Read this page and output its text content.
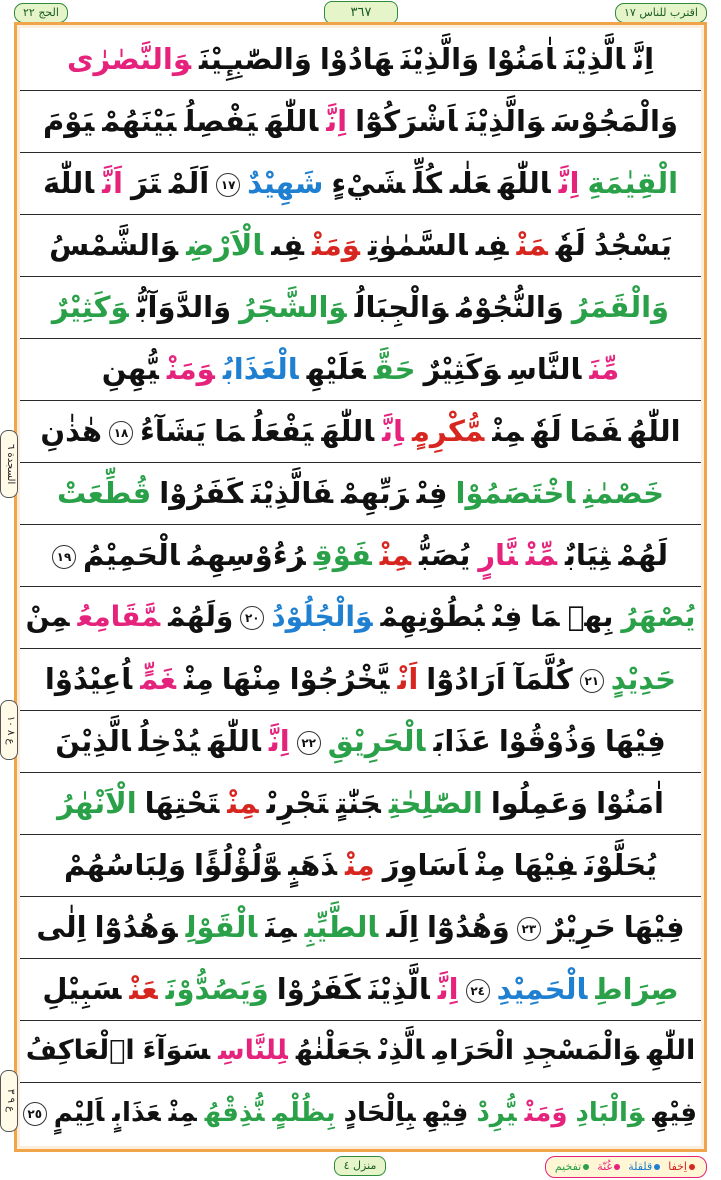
الحج ٢٢	٣٦٧	اقترب للناس ١٧
اِنَّالَّذِيْنَاٰمَنُوْاوَالَّذِيْنَهَادُوْاوَالصّٰبِـِٕيْنَوَالنَّصٰرٰى
وَالْمَجُوْسَوَالَّذِيْنَاَشْرَكُوْٓااِنَّاللّٰهَيَفْصِلُبَيْنَهُمْيَوْمَ
الْقِيٰمَةِاِنَّاللّٰهَعَلٰىكُلِّشَيْءٍشَهِيْدٌ١٧اَلَمْتَرَاَنَّاللّٰهَ
يَسْجُدُلَهٗمَنْفِىالسَّمٰوٰتِوَمَنْفِىالْاَرْضِوَالشَّمْسُ
وَالْقَمَرُوَالنُّجُوْمُوَالْجِبَالُوَالشَّجَرُوَالدَّوَآبُّوَكَثِيْرٌ
مِّنَالنَّاسِوَكَثِيْرٌحَقَّعَلَيْهِالْعَذَابُوَمَنْيُّهِنِ
اللّٰهُفَمَالَهٗمِنْمُّكْرِمٍاِنَّاللّٰهَيَفْعَلُمَايَشَآءُ١٨هٰذٰنِ
خَصْمٰنِاخْتَصَمُوْافِىْرَبِّهِمْفَالَّذِيْنَكَفَرُوْاقُطِّعَتْ
لَهُمْثِيَابٌمِّنْنَّارٍيُصَبُّمِنْفَوْقِرُءُوْسِهِمُالْحَمِيْمُ١٩
يُصْهَرُبِهٖمَافِىْبُطُوْنِهِمْوَالْجُلُوْدُ٢٠وَلَهُمْمَّقَامِعُمِنْ
حَدِيْدٍ٢١كُلَّمَآاَرَادُوْٓااَنْيَّخْرُجُوْامِنْهَامِنْغَمٍّاُعِيْدُوْا
فِيْهَاوَذُوْقُوْاعَذَابَالْحَرِيْقِ٢٢اِنَّاللّٰهَيُدْخِلُالَّذِيْنَ
اٰمَنُوْاوَعَمِلُواالصّٰلِحٰتِجَنّٰتٍتَجْرِىْمِنْتَحْتِهَاالْاَنْهٰرُ
يُحَلَّوْنَفِيْهَامِنْاَسَاوِرَمِنْذَهَبٍوَّلُؤْلُؤًاوَلِبَاسُهُمْ
فِيْهَاحَرِيْرٌ٢٣وَهُدُوْٓااِلَىالطَّيِّبِمِنَالْقَوْلِوَهُدُوْٓااِلٰى
صِرَاطِالْحَمِيْدِ٢٤اِنَّالَّذِيْنَكَفَرُوْاوَيَصُدُّوْنَعَنْسَبِيْلِ
اللّٰهِوَالْمَسْجِدِالْحَرَامِالَّذِىْجَعَلْنٰهُلِلنَّاسِسَوَآءَاۨلْعَاكِفُ
فِيْهِوَالْبَادِوَمَنْيُّرِدْفِيْهِبِاِلْحَادٍبِظُلْمٍنُّذِقْهُمِنْعَذَابٍاَلِيْمٍ٢٥
السجدة ٦
ع ٨ ١٠
ع ٩ ٣
منزل ٤	اِخفاقلقلةغُنّةتفخيم
